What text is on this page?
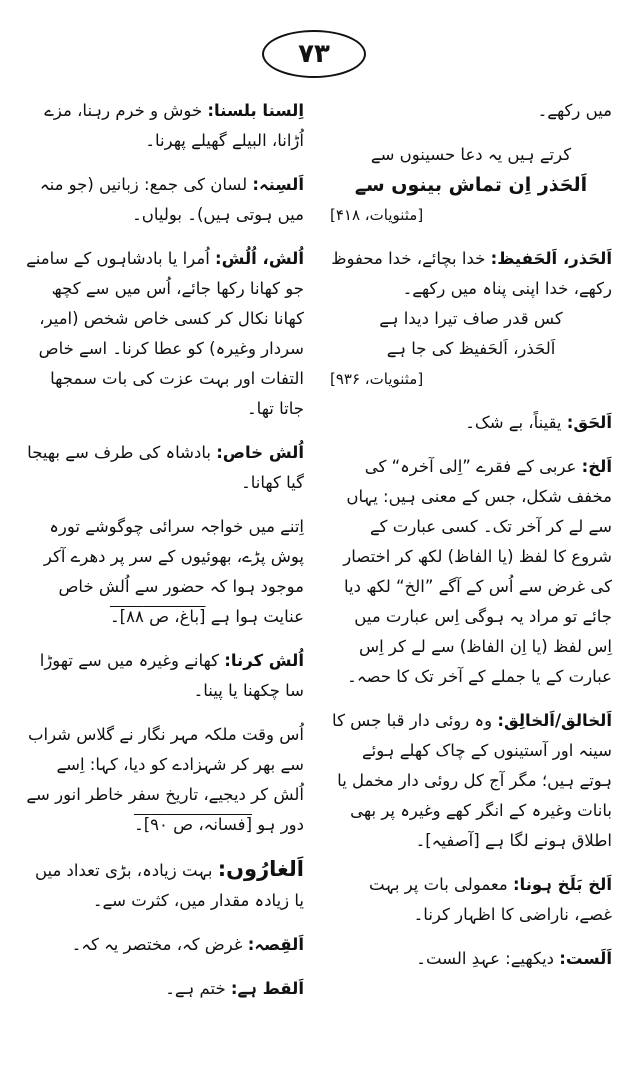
۷۳
میں رکھے۔

کرتے ہیں یہ دعا حسینوں سے

اَلحَذر اِن تماش بینوں سے

[مثنویات، ۴۱۸]
اَلحَذر، اَلحَفیظ: خدا بچائے، خدا محفوظ رکھے، خدا اپنی پناہ میں رکھے۔

کس قدر صاف تیرا دیدا ہے

اَلحَذر، اَلحَفیظ کی جا ہے

[مثنویات، ۹۳۶]
اَلحَق: یقیناً، بے شک۔
اَلخ: عربی کے فقرے ”اِلی آخرہ“ کی مخفف شکل، جس کے معنی ہیں: یہاں سے لے کر آخر تک۔ کسی عبارت کے شروع کا لفظ (یا الفاظ) لکھ کر اختصار کی غرض سے اُس کے آگے ”الخ“ لکھ دیا جائے تو مراد یہ ہوگی اِس عبارت میں اِس لفظ (یا اِن الفاظ) سے لے کر اِس عبارت کے یا جملے کے آخر تک کا حصہ۔
اَلخالق/اَلخالِق: وہ روئی دار قبا جس کا سینہ اور آستینوں کے چاک کھلے ہوئے ہوتے ہیں؛ مگر آج کل روئی دار مخمل یا بانات وغیرہ کے انگر کھے وغیرہ پر بھی اطلاق ہونے لگا ہے [آصفیہ]۔
اَلخ بَلَخ ہونا: معمولی بات پر بہت غصے، ناراضی کا اظہار کرنا۔
اَلَست: دیکھیے: عہدِ الست۔
اِلسنا بلسنا: خوش و خرم رہنا، مزے اُڑانا، البیلے گھیلے پھرنا۔
اَلسِنہ: لسان کی جمع: زبانیں (جو منہ میں ہوتی ہیں)۔ بولیاں۔
اُلش، اُلُش: اُمرا یا بادشاہوں کے سامنے جو کھانا رکھا جائے، اُس میں سے کچھ کھانا نکال کر کسی خاص شخص (امیر، سردار وغیرہ) کو عطا کرنا۔ اسے خاص التفات اور بہت عزت کی بات سمجھا جاتا تھا۔
اُلش خاص: بادشاہ کی طرف سے بھیجا گیا کھانا۔
اِتنے میں خواجہ سرائی چوگوشے تورہ پوش پڑے، بھوئیوں کے سر پر دھرے آکر موجود ہوا کہ حضور سے اُلش خاص عنایت ہوا ہے [باغ، ص ۸۸]۔
اُلش کرنا: کھانے وغیرہ میں سے تھوڑا سا چکھنا یا پینا۔
اُس وقت ملکہ مہر نگار نے گلاس شراب سے بھر کر شہزادے کو دیا، کہا: اِسے اُلش کر دیجیے، تاریخ سفر خاطر انور سے دور ہو [فسانہ، ص ۹۰]۔
اَلغارُوں: بہت زیادہ، بڑی تعداد میں یا زیادہ مقدار میں، کثرت سے۔
اَلقِصہ: غرض کہ، مختصر یہ کہ۔
اَلقط ہے: ختم ہے۔
